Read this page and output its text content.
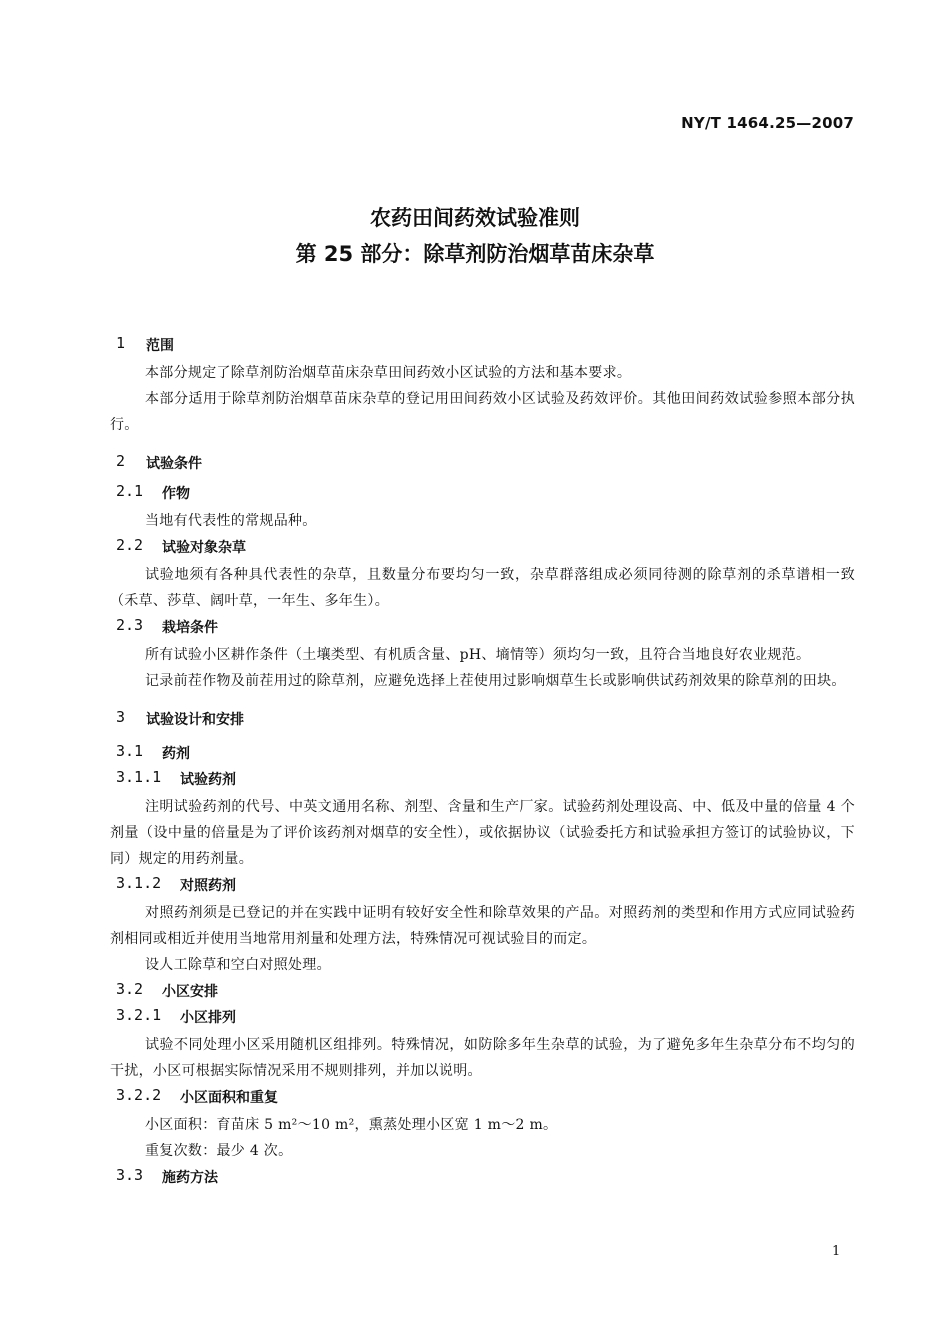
NY/T 1464.25—2007
农药田间药效试验准则
第 25 部分：除草剂防治烟草苗床杂草
1 范围
本部分规定了除草剂防治烟草苗床杂草田间药效小区试验的方法和基本要求。
本部分适用于除草剂防治烟草苗床杂草的登记用田间药效小区试验及药效评价。其他田间药效试验参照本部分执行。
2 试验条件
2.1 作物
当地有代表性的常规品种。
2.2 试验对象杂草
试验地须有各种具代表性的杂草，且数量分布要均匀一致，杂草群落组成必须同待测的除草剂的杀草谱相一致（禾草、莎草、阔叶草，一年生、多年生）。
2.3 栽培条件
所有试验小区耕作条件（土壤类型、有机质含量、pH、墒情等）须均匀一致，且符合当地良好农业规范。
记录前茬作物及前茬用过的除草剂，应避免选择上茬使用过影响烟草生长或影响供试药剂效果的除草剂的田块。
3 试验设计和安排
3.1 药剂
3.1.1 试验药剂
注明试验药剂的代号、中英文通用名称、剂型、含量和生产厂家。试验药剂处理设高、中、低及中量的倍量 4 个剂量（设中量的倍量是为了评价该药剂对烟草的安全性），或依据协议（试验委托方和试验承担方签订的试验协议，下同）规定的用药剂量。
3.1.2 对照药剂
对照药剂须是已登记的并在实践中证明有较好安全性和除草效果的产品。对照药剂的类型和作用方式应同试验药剂相同或相近并使用当地常用剂量和处理方法，特殊情况可视试验目的而定。
设人工除草和空白对照处理。
3.2 小区安排
3.2.1 小区排列
试验不同处理小区采用随机区组排列。特殊情况，如防除多年生杂草的试验，为了避免多年生杂草分布不均匀的干扰，小区可根据实际情况采用不规则排列，并加以说明。
3.2.2 小区面积和重复
小区面积：育苗床 5 m²～10 m²，熏蒸处理小区宽 1 m～2 m。
重复次数：最少 4 次。
3.3 施药方法
1
